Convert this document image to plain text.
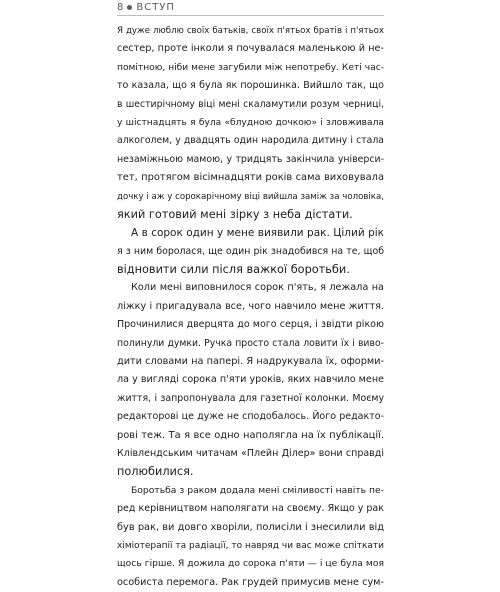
8 ВСТУП
Я дуже люблю своїх батьків, своїх п'ятьох братів і п'ятьох
сестер, проте інколи я почувалася маленькою й не-
помітною, ніби мене загубили між непотребу. Кеті час-
то казала, що я була як порошинка. Вийшло так, що
в шестирічному віці мені скаламутили розум черниці,
у шістнадцять я була «блудною дочкою» і зловживала
алкоголем, у двадцять один народила дитину і стала
незаміжньою мамою, у тридцять закінчила універси-
тет, протягом вісімнадцяти років сама виховувала
дочку і аж у сорокарічному віці вийшла заміж за чоловіка,
який готовий мені зірку з неба дістати.
А в сорок один у мене виявили рак. Цілий рік
я з ним боролася, ще один рік знадобився на те, щоб
відновити сили після важкої боротьби.
Коли мені виповнилося сорок п'ять, я лежала на
ліжку і пригадувала все, чого навчило мене життя.
Прочинилися дверцята до мого серця, і звідти рікою
полинули думки. Ручка просто стала ловити їх і виво-
дити словами на папері. Я надрукувала їх, оформи-
ла у вигляді сорока п'яти уроків, яких навчило мене
життя, і запропонувала для газетної колонки. Моєму
редакторові це дуже не сподобалось. Його редакто-
рові теж. Та я все одно наполягла на їх публікації.
Клівлендським читачам «Плейн Ділер» вони справді
полюбилися.
Боротьба з раком додала мені сміливості навіть пе-
ред керівництвом наполягати на своєму. Якщо у рак
був рак, ви довго хворіли, полисіли і знесилили від
хіміотерапії та радіації, то навряд чи вас може спіткати
щось гірше. Я дожила до сорока п'яти — і це була моя
особиста перемога. Рак грудей примусив мене сум-
